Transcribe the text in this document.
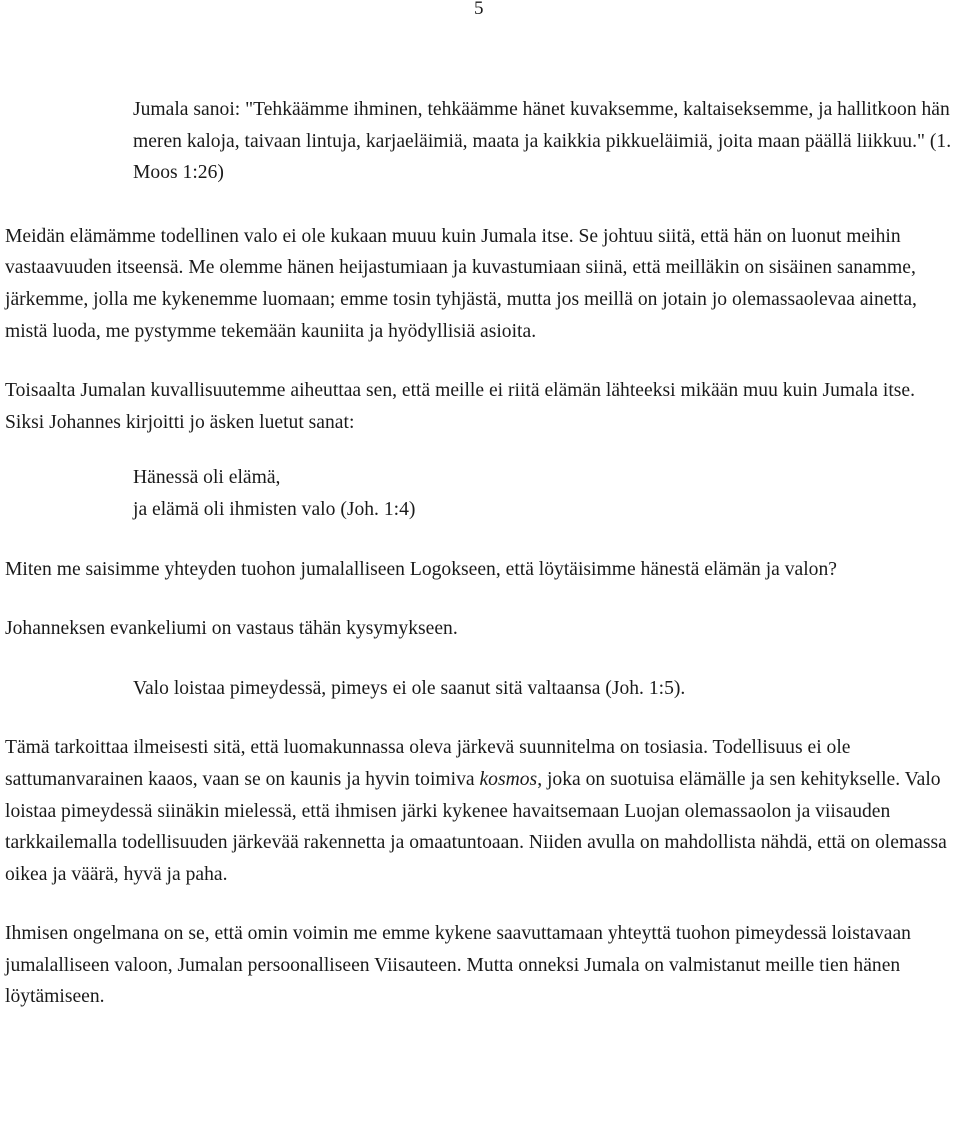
5

Jumala sanoi: "Tehkäämme ihminen, tehkäämme hänet kuvaksemme, kaltaiseksemme, ja hallitkoon hän meren kaloja, taivaan lintuja, karjaeläimiä, maata ja kaikkia pikkueläimiä, joita maan päällä liikkuu." (1. Moos 1:26)

Meidän elämämme todellinen valo ei ole kukaan muuu kuin Jumala itse. Se johtuu siitä, että hän on luonut meihin vastaavuuden itseensä. Me olemme hänen heijastumiaan ja kuvastumiaan siinä, että meilläkin on sisäinen sanamme, järkemme, jolla me kykenemme luomaan; emme tosin tyhjästä, mutta jos meillä on jotain jo olemassaolevaa ainetta, mistä luoda, me pystymme tekemään kauniita ja hyödyllisiä asioita.

Toisaalta Jumalan kuvallisuutemme aiheuttaa sen, että meille ei riitä elämän lähteeksi mikään muu kuin Jumala itse. Siksi Johannes kirjoitti jo äsken luetut sanat:

Hänessä oli elämä,
ja elämä oli ihmisten valo (Joh. 1:4)

Miten me saisimme yhteyden tuohon jumalalliseen Logokseen, että löytäisimme hänestä elämän ja valon?

Johanneksen evankeliumi on vastaus tähän kysymykseen.

Valo loistaa pimeydessä, pimeys ei ole saanut sitä valtaansa (Joh. 1:5).

Tämä tarkoittaa ilmeisesti sitä, että luomakunnassa oleva järkevä suunnitelma on tosiasia. Todellisuus ei ole sattumanvarainen kaaos, vaan se on kaunis ja hyvin toimiva kosmos, joka on suotuisa elämälle ja sen kehitykselle. Valo loistaa pimeydessä siinäkin mielessä, että ihmisen järki kykenee havaitsemaan Luojan olemassaolon ja viisauden tarkkailemalla todellisuuden järkevää rakennetta ja omaatuntoaan. Niiden avulla on mahdollista nähdä, että on olemassa oikea ja väärä, hyvä ja paha.

Ihmisen ongelmana on se, että omin voimin me emme kykene saavuttamaan yhteyttä tuohon pimeydessä loistavaan jumalalliseen valoon, Jumalan persoonalliseen Viisauteen. Mutta onneksi Jumala on valmistanut meille tien hänen löytämiseen.
